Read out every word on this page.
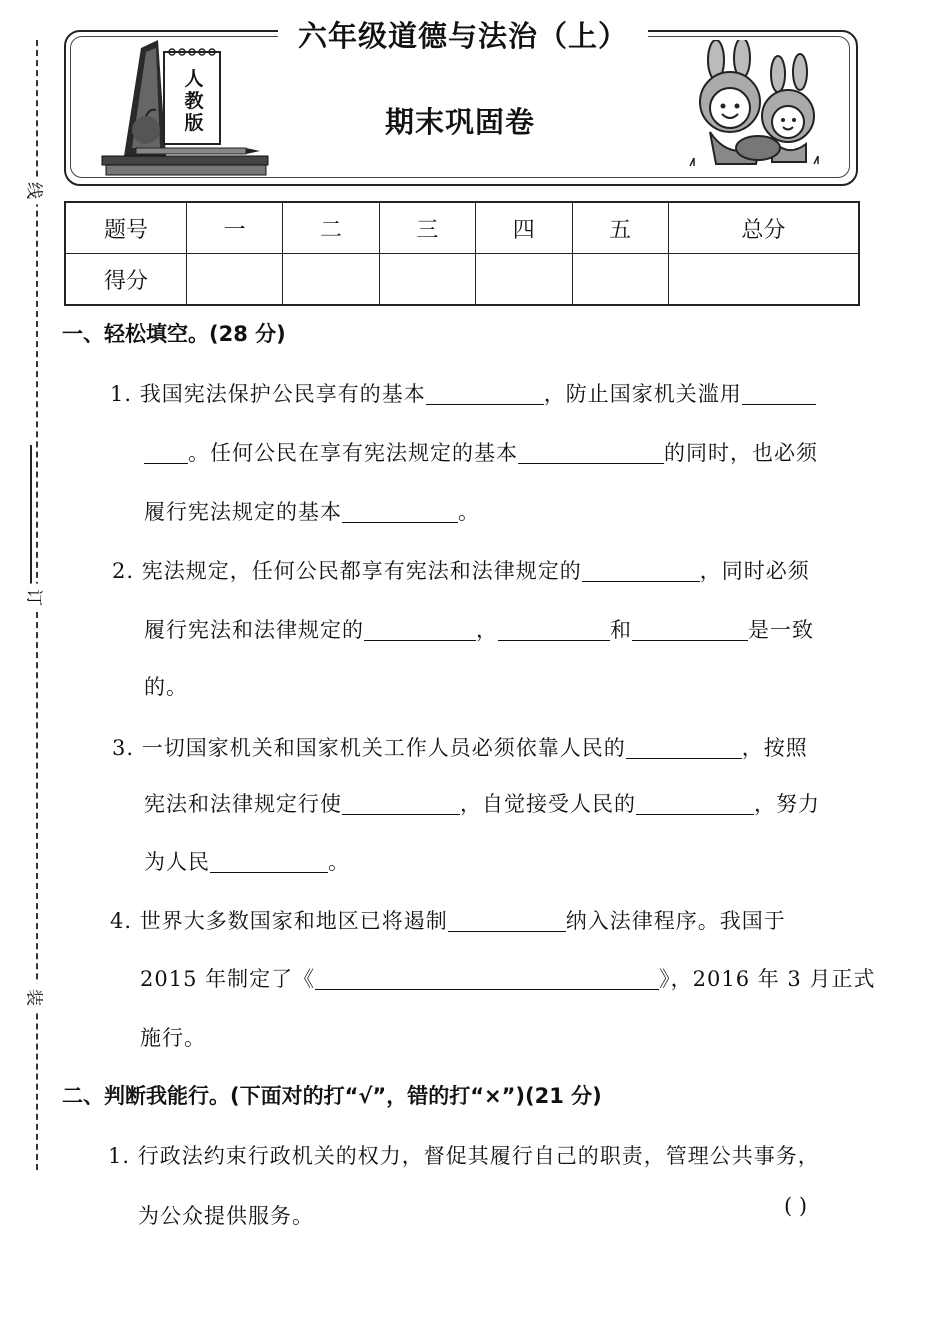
线
订
装
六年级道德与法治（上）
期末巩固卷
人教版
题号	一	二	三	四	五	总分
得分						
一、轻松填空。(28 分)
1. 我国宪法保护公民享有的基本	，防止国家机关滥用
。任何公民在享有宪法规定的基本	的同时，也必须
履行宪法规定的基本	。
2. 宪法规定，任何公民都享有宪法和法律规定的	，同时必须
履行宪法和法律规定的	，	和	是一致
的。
3. 一切国家机关和国家机关工作人员必须依靠人民的	，按照
宪法和法律规定行使	，自觉接受人民的	，努力
为人民	。
4. 世界大多数国家和地区已将遏制	纳入法律程序。我国于
2015 年制定了《	》，2016 年 3 月正式
施行。
二、判断我能行。(下面对的打“√”，错的打“×”)(21 分)
1. 行政法约束行政机关的权力，督促其履行自己的职责，管理公共事务，
为公众提供服务。	( )
